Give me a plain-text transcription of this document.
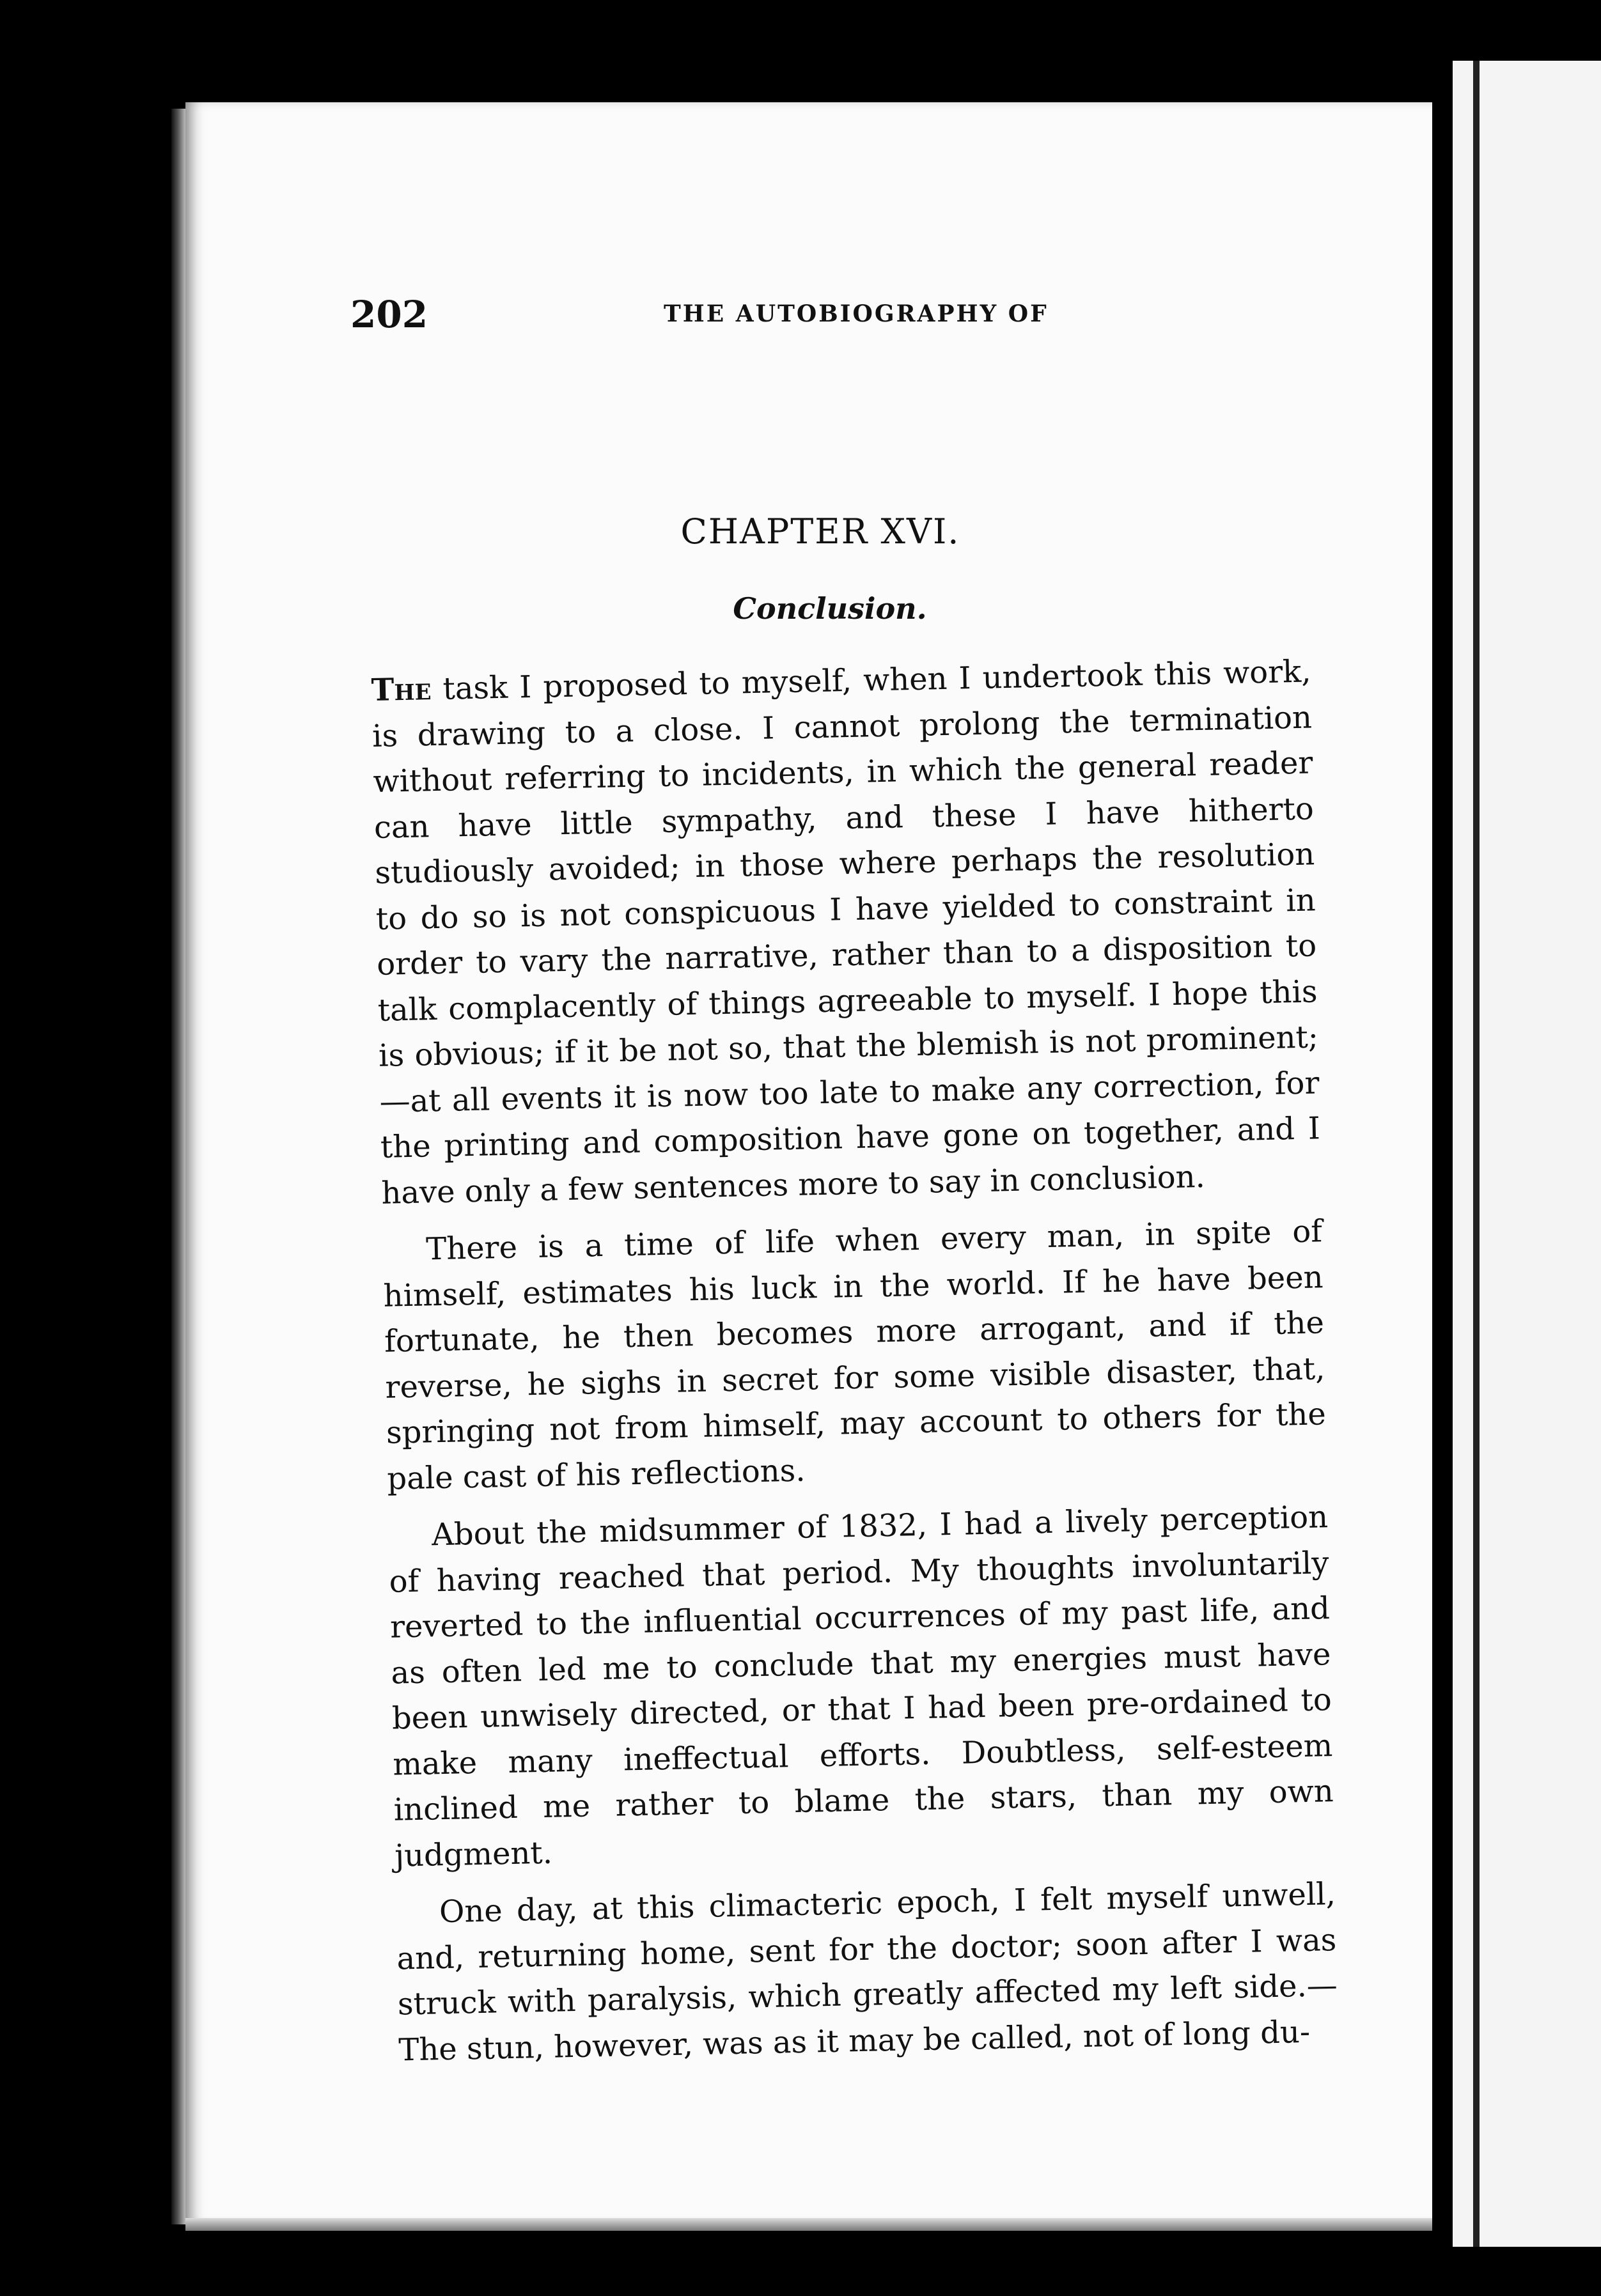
202	THE AUTOBIOGRAPHY OF
CHAPTER XVI.
Conclusion.

The task I proposed to myself, when I undertook this work, is drawing to a close. I cannot prolong the termination without referring to incidents, in which the general reader can have little sympathy, and these I have hitherto studiously avoided; in those where perhaps the resolution to do so is not conspicuous I have yielded to constraint in order to vary the narrative, rather than to a disposition to talk complacently of things agreeable to myself. I hope this is obvious; if it be not so, that the blemish is not prominent;—at all events it is now too late to make any correction, for the printing and composition have gone on together, and I have only a few sentences more to say in conclusion.

There is a time of life when every man, in spite of himself, estimates his luck in the world. If he have been fortunate, he then becomes more arrogant, and if the reverse, he sighs in secret for some visible disaster, that, springing not from himself, may account to others for the pale cast of his reflections.

About the midsummer of 1832, I had a lively perception of having reached that period. My thoughts involuntarily reverted to the influential occurrences of my past life, and as often led me to conclude that my energies must have been unwisely directed, or that I had been pre-ordained to make many ineffectual efforts. Doubtless, self-esteem inclined me rather to blame the stars, than my own judgment.

One day, at this climacteric epoch, I felt myself unwell, and, returning home, sent for the doctor; soon after I was struck with paralysis, which greatly affected my left side.—The stun, however, was as it may be called, not of long du-
